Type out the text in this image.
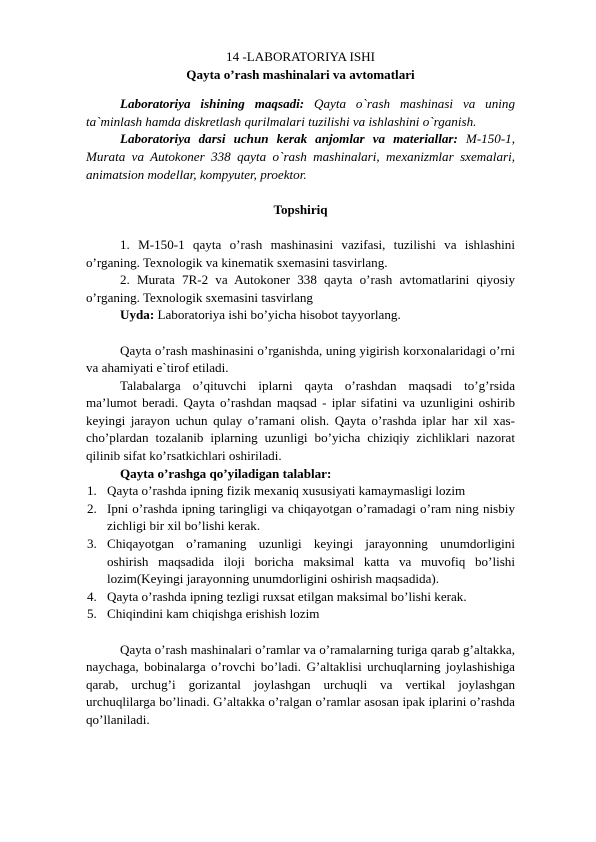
14 -LABORATORIYA ISHI

Qayta o’rash mashinalari va avtomatlari

Laboratoriya ishining maqsadi: Qayta o`rash mashinasi va uning ta`minlash hamda diskretlash qurilmalari tuzilishi va ishlashini o`rganish.

Laboratoriya darsi uchun kerak anjomlar va materiallar: M-150-1, Murata va Autokoner 338 qayta o`rash mashinalari, mexanizmlar sxemalari, animatsion modellar, kompyuter, proektor.

Topshiriq

1. M-150-1 qayta o’rash mashinasini vazifasi, tuzilishi va ishlashini o’rganing. Texnologik va kinematik sxemasini tasvirlang.

2. Murata 7R-2 va Autokoner 338 qayta o’rash avtomatlarini qiyosiy o’rganing. Texnologik sxemasini tasvirlang

Uyda: Laboratoriya ishi bo’yicha hisobot tayyorlang.

Qayta o’rash mashinasini o’rganishda, uning yigirish korxonalaridagi o’rni va ahamiyati e`tirof etiladi.

Talabalarga o’qituvchi iplarni qayta o’rashdan maqsadi to’g’rsida ma’lumot beradi. Qayta o’rashdan maqsad - iplar sifatini va uzunligini oshirib keyingi jarayon uchun qulay o’ramani olish. Qayta o’rashda iplar har xil xas- cho’plardan tozalanib iplarning uzunligi bo’yicha chiziqiy zichliklari nazorat qilinib sifat ko’rsatkichlari oshiriladi.

Qayta o’rashga qo’yiladigan talablar:

1. Qayta o’rashda ipning fizik mexaniq xususiyati kamaymasligi lozim
2. Ipni o’rashda ipning taringligi va chiqayotgan o’ramadagi o’ram ning nisbiy zichligi bir xil bo’lishi kerak.
3. Chiqayotgan o’ramaning uzunligi keyingi jarayonning unumdorligini oshirish maqsadida iloji boricha maksimal katta va muvofiq bo’lishi lozim(Keyingi jarayonning unumdorligini oshirish maqsadida).
4. Qayta o’rashda ipning tezligi ruxsat etilgan maksimal bo’lishi kerak.
5. Chiqindini kam chiqishga erishish lozim

Qayta o’rash mashinalari o’ramlar va o’ramalarning turiga qarab g’altakka, naychaga, bobinalarga o’rovchi bo’ladi. G’altaklisi urchuqlarning joylashishiga qarab, urchug’i gorizantal joylashgan urchuqli va vertikal joylashgan urchuqlilarga bo’linadi. G’altakka o’ralgan o’ramlar asosan ipak iplarini o’rashda qo’llaniladi.
